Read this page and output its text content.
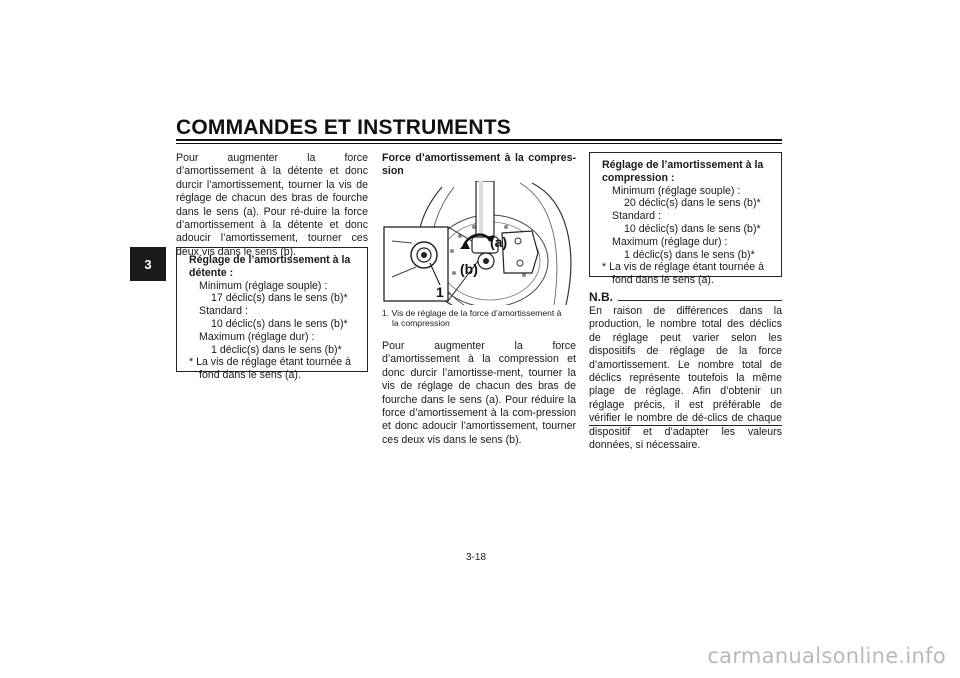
COMMANDES ET INSTRUMENTS
3

Pour augmenter la force d’amortissement à la détente et donc durcir l’amortissement, tourner la vis de réglage de chacun des bras de fourche dans le sens (a). Pour ré-duire la force d’amortissement à la détente et donc adoucir l’amortissement, tourner ces deux vis dans le sens (b).

Réglage de l’amortissement à la détente :

Minimum (réglage souple) :

17 déclic(s) dans le sens (b)*

Standard :

10 déclic(s) dans le sens (b)*

Maximum (réglage dur) :

1 déclic(s) dans le sens (b)*

* La vis de réglage étant tournée à

fond dans le sens (a).

Force d’amortissement à la compres-sion

(a)
(b)
1

1. Vis de réglage de la force d’amortissement à

la compression

Pour augmenter la force d’amortissement à la compression et donc durcir l’amortisse-ment, tourner la vis de réglage de chacun des bras de fourche dans le sens (a). Pour réduire la force d’amortissement à la com-pression et donc adoucir l’amortissement, tourner ces deux vis dans le sens (b).

Réglage de l’amortissement à la compression :

Minimum (réglage souple) :

20 déclic(s) dans le sens (b)*

Standard :

10 déclic(s) dans le sens (b)*

Maximum (réglage dur) :

1 déclic(s) dans le sens (b)*

* La vis de réglage étant tournée à

fond dans le sens (a).

N.B.

En raison de différences dans la production, le nombre total des déclics de réglage peut varier selon les dispositifs de réglage de la force d’amortissement. Le nombre total de déclics représente toutefois la même plage de réglage. Afin d’obtenir un réglage précis, il est préférable de vérifier le nombre de dé-clics de chaque dispositif et d’adapter les valeurs données, si nécessaire.

3-18
carmanualsonline.info
